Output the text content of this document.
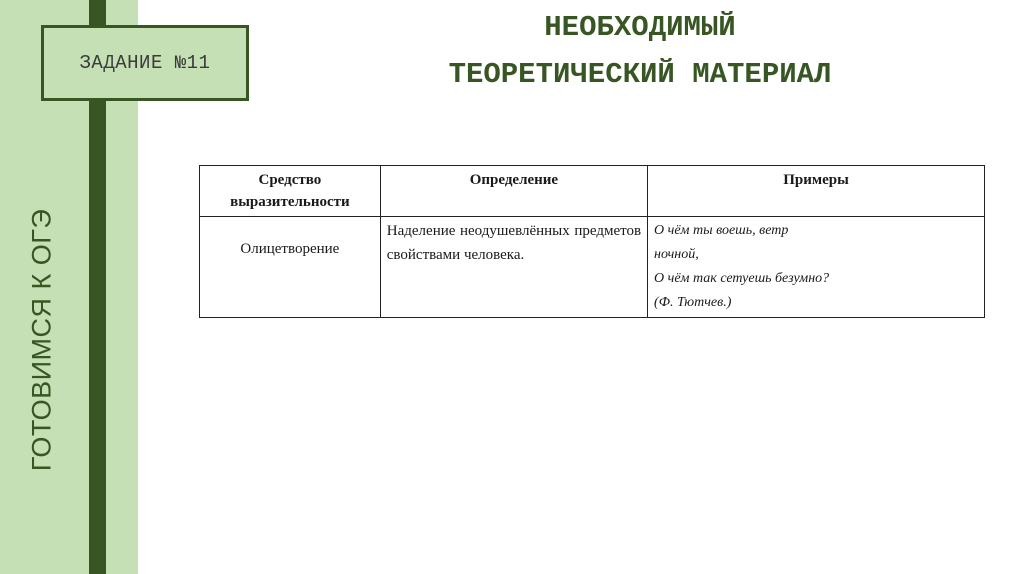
ЗАДАНИЕ №11
ГОТОВИМСЯ К ОГЭ
НЕОБХОДИМЫЙ
ТЕОРЕТИЧЕСКИЙ МАТЕРИАЛ
Средство выразительности	Определение	Примеры
Олицетворение	Наделение неодушевлённых предметов свойствами человека.	О чём ты воешь, ветр
ночной,
О чём так сетуешь безумно?
(Ф. Тютчев.)
